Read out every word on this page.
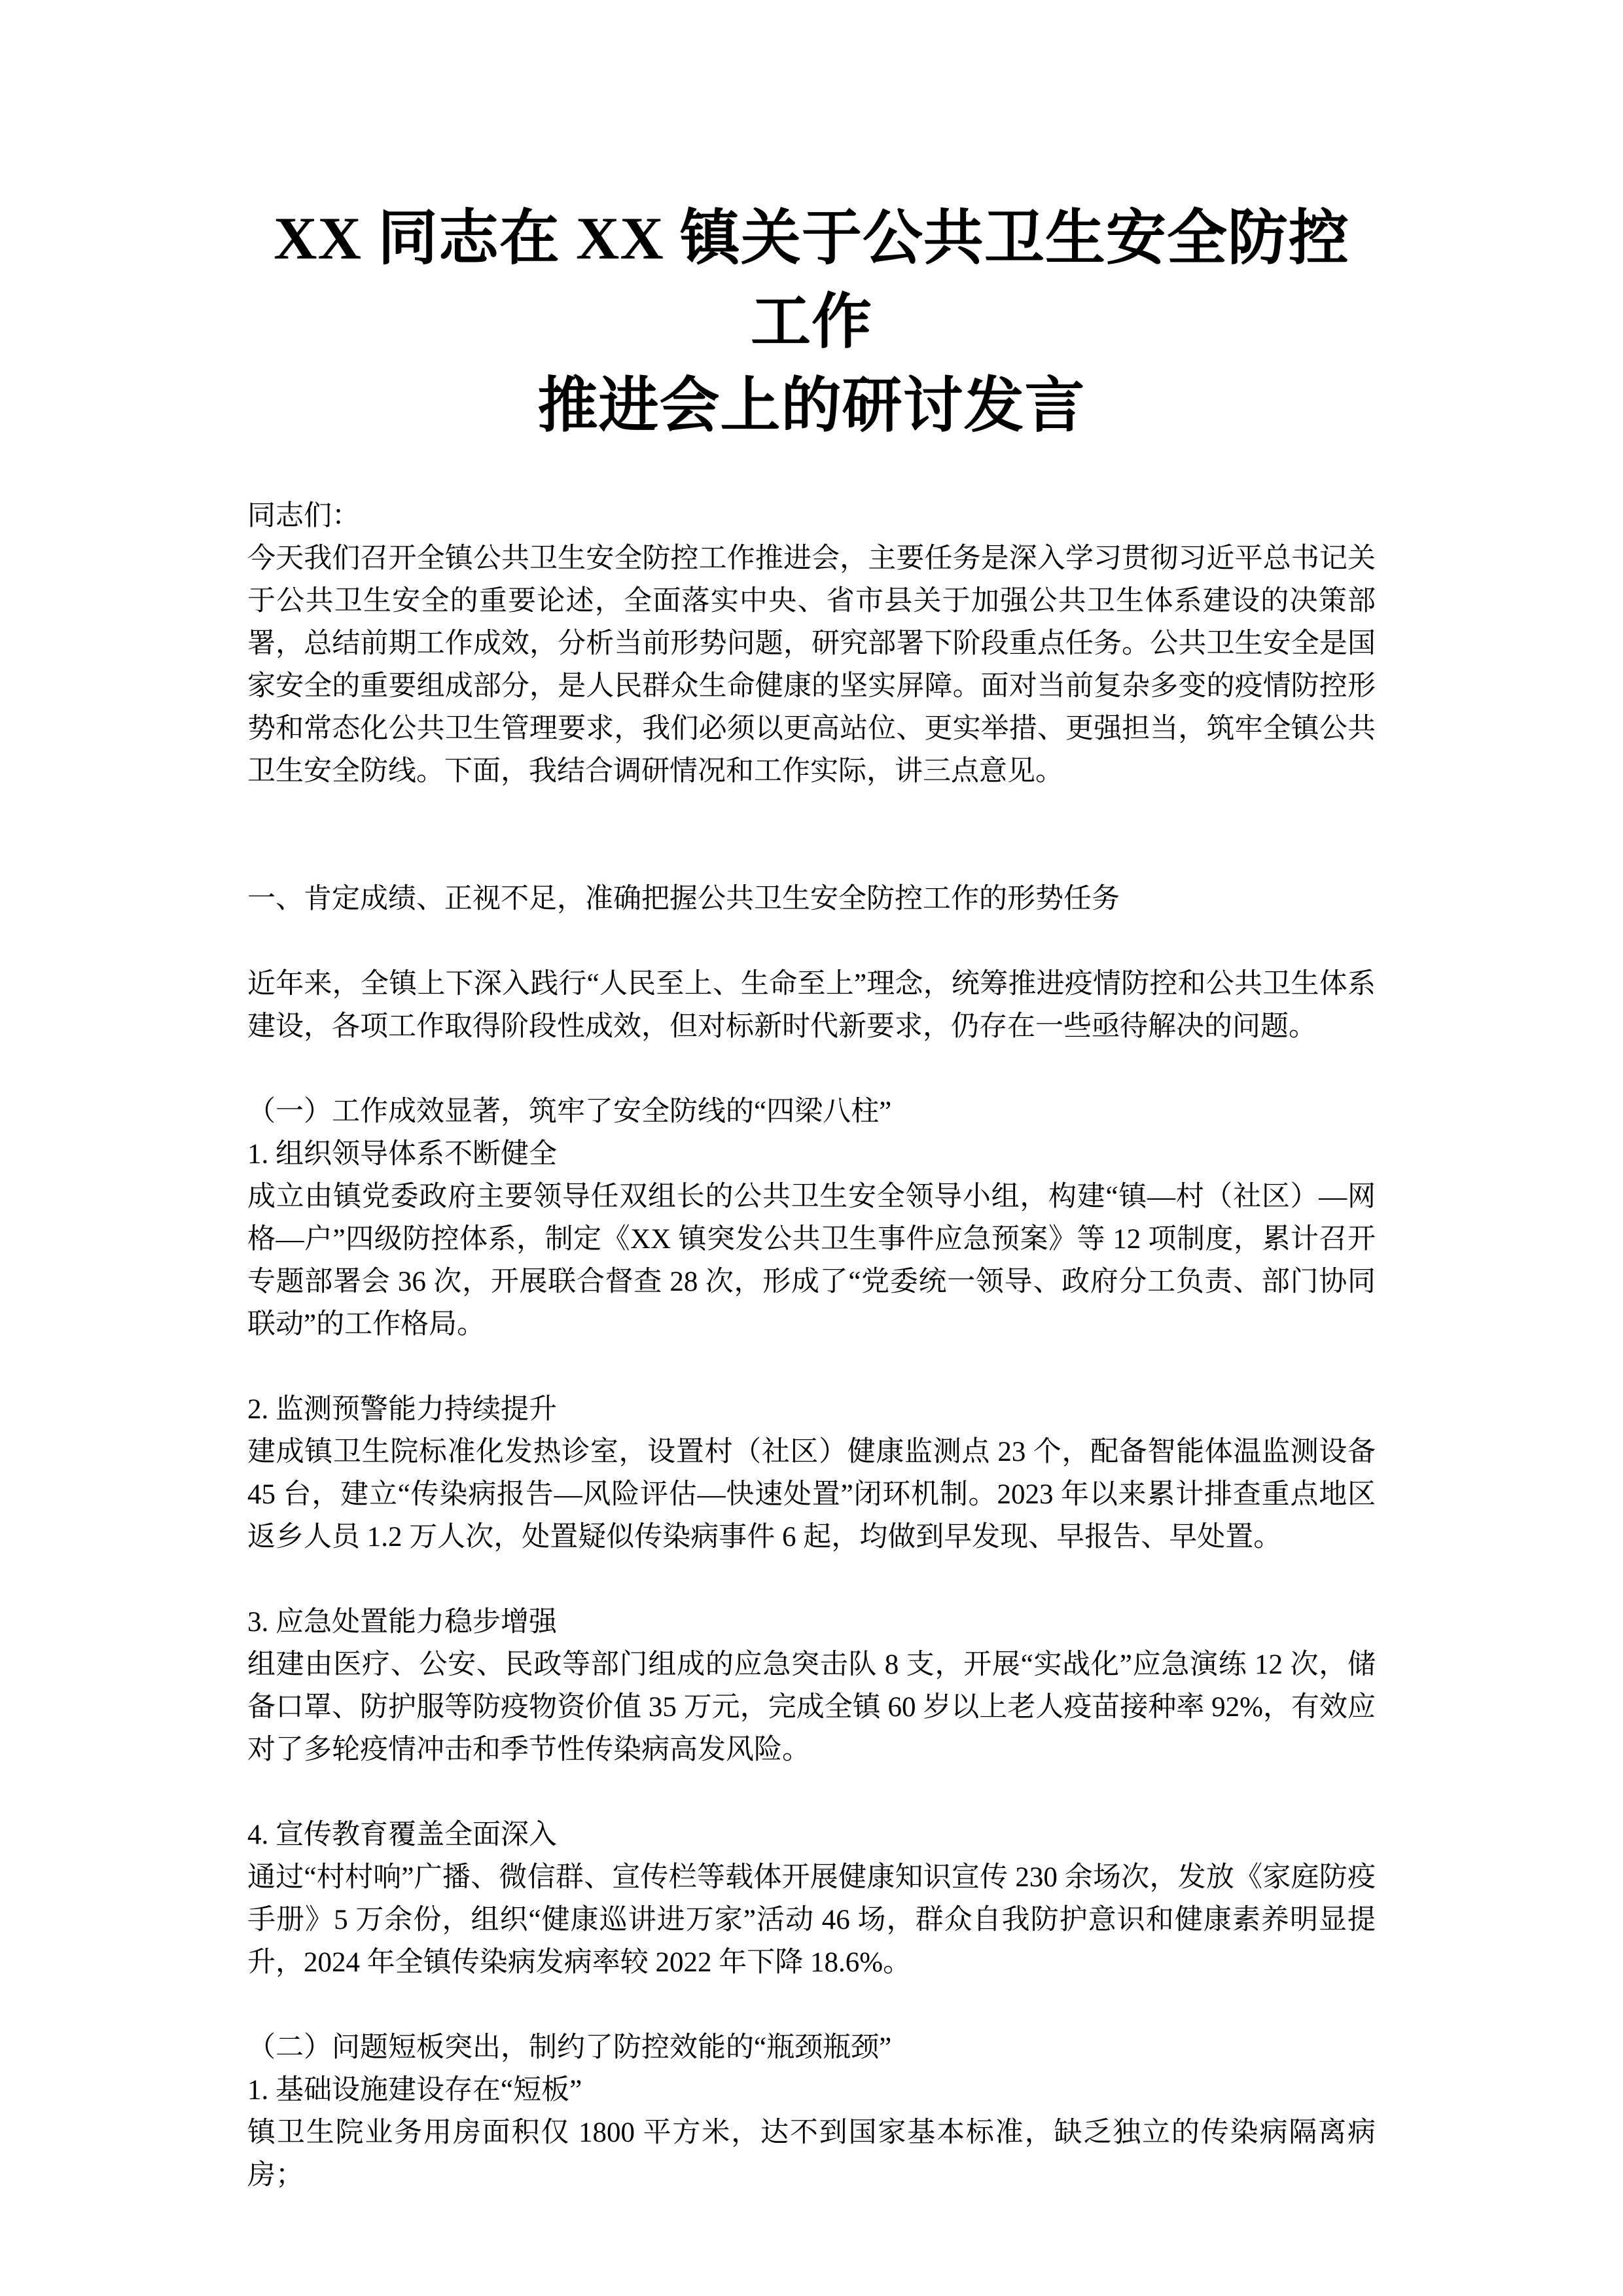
XX 同志在 XX 镇关于公共卫生安全防控工作
推进会上的研讨发言

同志们：

今天我们召开全镇公共卫生安全防控工作推进会，主要任务是深入学习贯彻习近平总书记关于公共卫生安全的重要论述，全面落实中央、省市县关于加强公共卫生体系建设的决策部署，总结前期工作成效，分析当前形势问题，研究部署下阶段重点任务。公共卫生安全是国家安全的重要组成部分，是人民群众生命健康的坚实屏障。面对当前复杂多变的疫情防控形势和常态化公共卫生管理要求，我们必须以更高站位、更实举措、更强担当，筑牢全镇公共卫生安全防线。下面，我结合调研情况和工作实际，讲三点意见。

一、肯定成绩、正视不足，准确把握公共卫生安全防控工作的形势任务

近年来，全镇上下深入践行“人民至上、生命至上”理念，统筹推进疫情防控和公共卫生体系建设，各项工作取得阶段性成效，但对标新时代新要求，仍存在一些亟待解决的问题。

（一）工作成效显著，筑牢了安全防线的“四梁八柱”

1. 组织领导体系不断健全

成立由镇党委政府主要领导任双组长的公共卫生安全领导小组，构建“镇—村（社区）—网格—户”四级防控体系，制定《XX 镇突发公共卫生事件应急预案》等 12 项制度，累计召开专题部署会 36 次，开展联合督查 28 次，形成了“党委统一领导、政府分工负责、部门协同联动”的工作格局。

2. 监测预警能力持续提升

建成镇卫生院标准化发热诊室，设置村（社区）健康监测点 23 个，配备智能体温监测设备 45 台，建立“传染病报告—风险评估—快速处置”闭环机制。2023 年以来累计排查重点地区返乡人员 1.2 万人次，处置疑似传染病事件 6 起，均做到早发现、早报告、早处置。

3. 应急处置能力稳步增强

组建由医疗、公安、民政等部门组成的应急突击队 8 支，开展“实战化”应急演练 12 次，储备口罩、防护服等防疫物资价值 35 万元，完成全镇 60 岁以上老人疫苗接种率 92%，有效应对了多轮疫情冲击和季节性传染病高发风险。

4. 宣传教育覆盖全面深入

通过“村村响”广播、微信群、宣传栏等载体开展健康知识宣传 230 余场次，发放《家庭防疫手册》5 万余份，组织“健康巡讲进万家”活动 46 场，群众自我防护意识和健康素养明显提升，2024 年全镇传染病发病率较 2022 年下降 18.6%。

（二）问题短板突出，制约了防控效能的“瓶颈瓶颈”

1. 基础设施建设存在“短板”

镇卫生院业务用房面积仅 1800 平方米，达不到国家基本标准，缺乏独立的传染病隔离病房；
